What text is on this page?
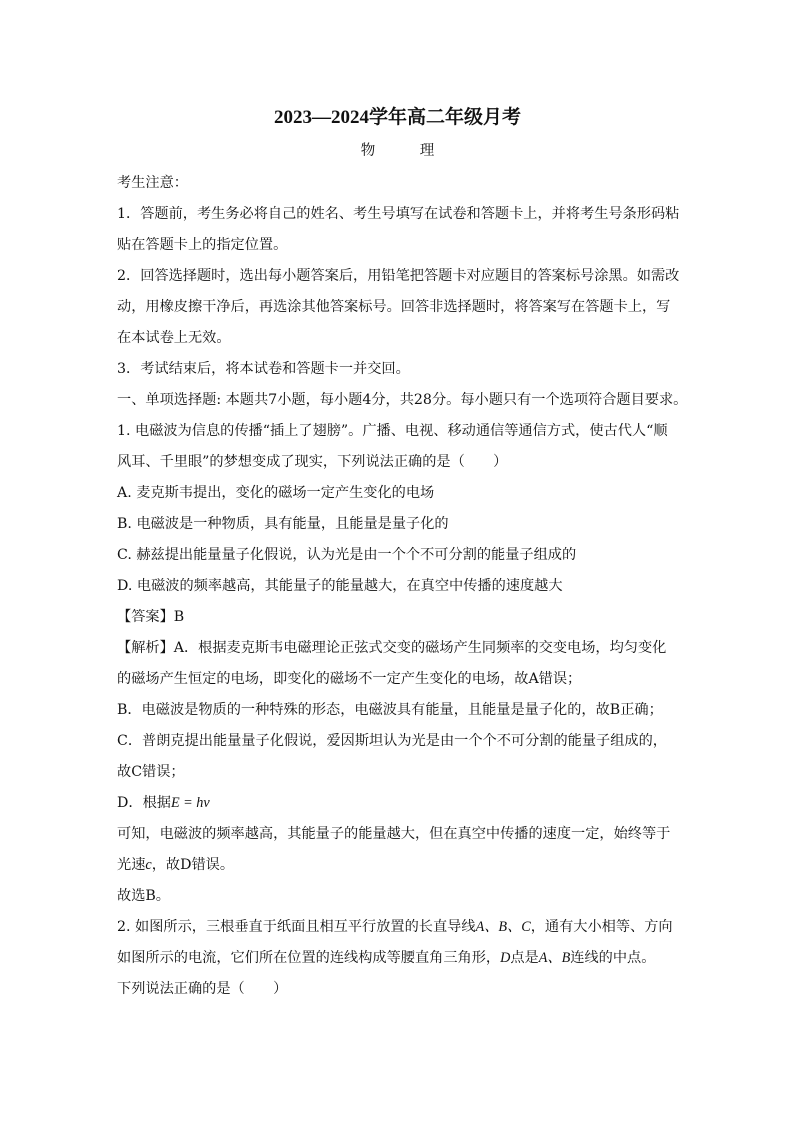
2023—2024学年高二年级月考

物 理

考生注意：

1．答题前，考生务必将自己的姓名、考生号填写在试卷和答题卡上，并将考生号条形码粘

贴在答题卡上的指定位置。

2．回答选择题时，选出每小题答案后，用铅笔把答题卡对应题目的答案标号涂黑。如需改

动，用橡皮擦干净后，再选涂其他答案标号。回答非选择题时，将答案写在答题卡上，写

在本试卷上无效。

3．考试结束后，将本试卷和答题卡一并交回。

一、单项选择题: 本题共7小题，每小题4分，共28分。每小题只有一个选项符合题目要求。

1. 电磁波为信息的传播“插上了翅膀”。广播、电视、移动通信等通信方式，使古代人“顺

风耳、千里眼”的梦想变成了现实，下列说法正确的是（　　）

A. 麦克斯韦提出，变化的磁场一定产生变化的电场

B. 电磁波是一种物质，具有能量，且能量是量子化的

C. 赫兹提出能量量子化假说，认为光是由一个个不可分割的能量子组成的

D. 电磁波的频率越高，其能量子的能量越大，在真空中传播的速度越大

【答案】B

【解析】A．根据麦克斯韦电磁理论正弦式交变的磁场产生同频率的交变电场，均匀变化

的磁场产生恒定的电场，即变化的磁场不一定产生变化的电场，故A错误；

B．电磁波是物质的一种特殊的形态，电磁波具有能量，且能量是量子化的，故B正确；

C．普朗克提出能量量子化假说，爱因斯坦认为光是由一个个不可分割的能量子组成的，

故C错误；

D．根据E = hν

可知，电磁波的频率越高，其能量子的能量越大，但在真空中传播的速度一定，始终等于

光速c，故D错误。

故选B。

2. 如图所示，三根垂直于纸面且相互平行放置的长直导线A、B、C，通有大小相等、方向

如图所示的电流，它们所在位置的连线构成等腰直角三角形，D点是A、B连线的中点。

下列说法正确的是（　　）
